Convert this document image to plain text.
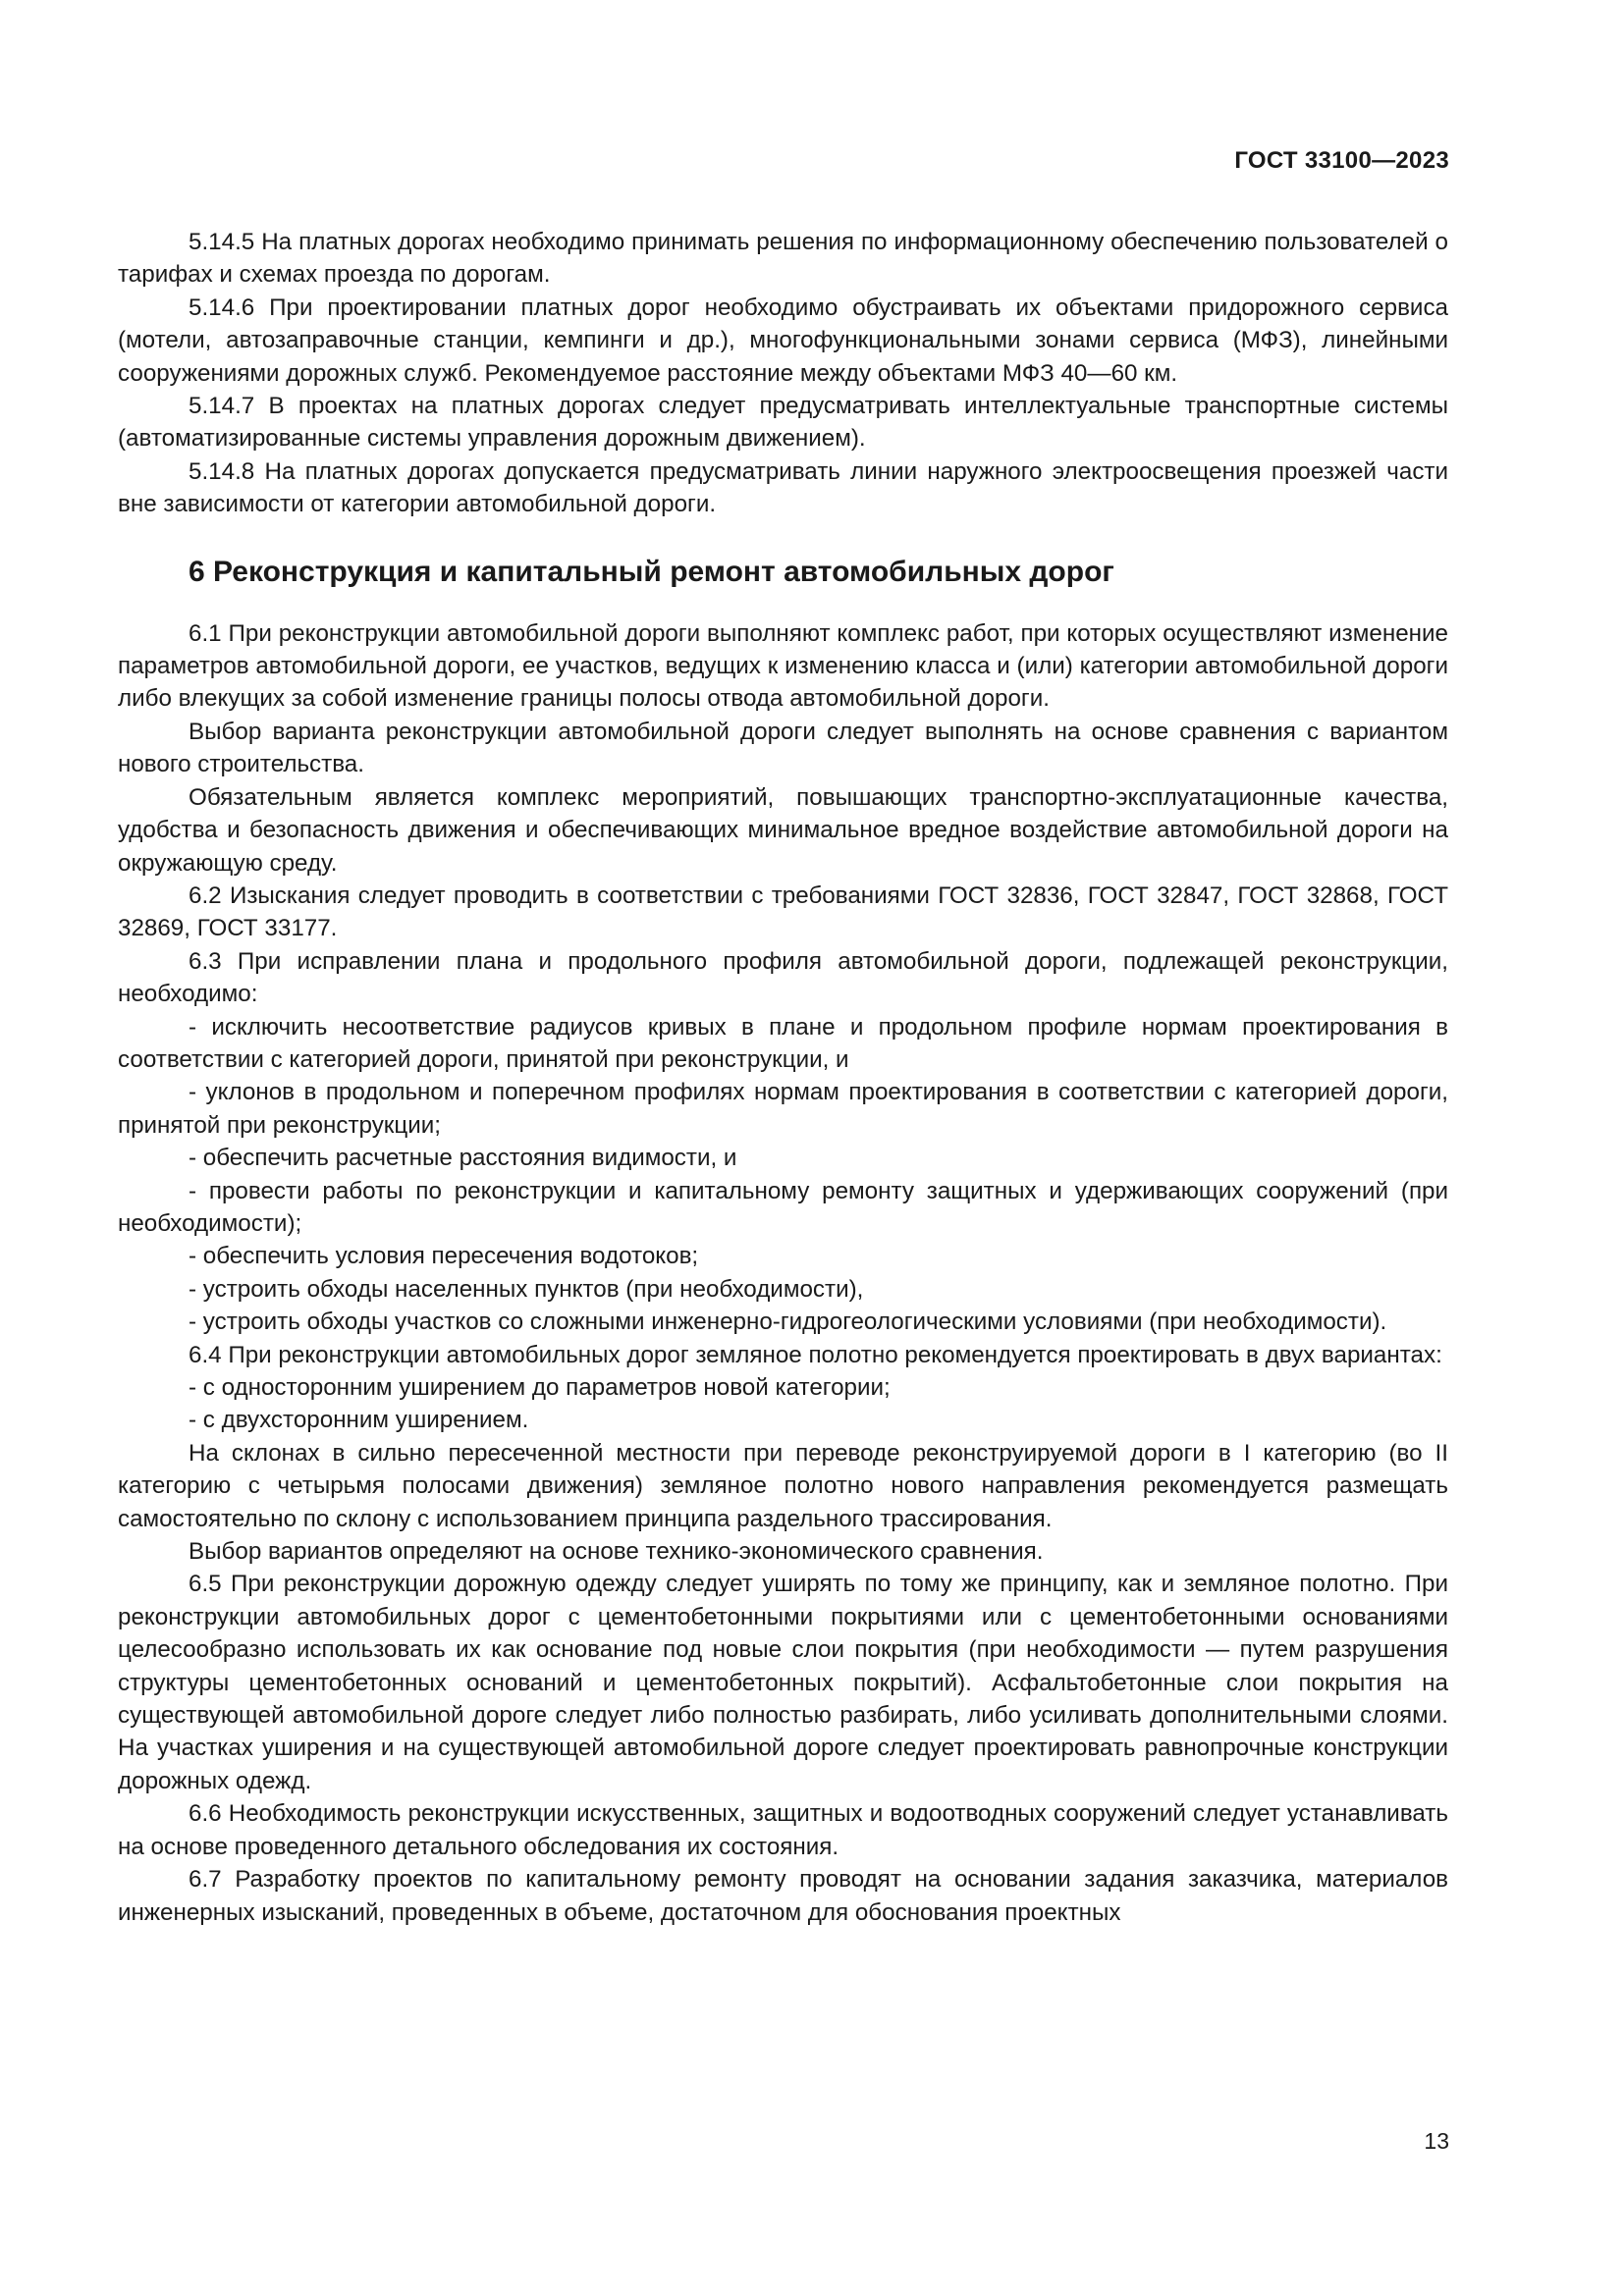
ГОСТ 33100—2023

5.14.5 На платных дорогах необходимо принимать решения по информационному обеспечению пользователей о тарифах и схемах проезда по дорогам.

5.14.6 При проектировании платных дорог необходимо обустраивать их объектами придорожного сервиса (мотели, автозаправочные станции, кемпинги и др.), многофункциональными зонами сервиса (МФЗ), линейными сооружениями дорожных служб. Рекомендуемое расстояние между объектами МФЗ 40—60 км.

5.14.7 В проектах на платных дорогах следует предусматривать интеллектуальные транспортные системы (автоматизированные системы управления дорожным движением).

5.14.8 На платных дорогах допускается предусматривать линии наружного электроосвещения проезжей части вне зависимости от категории автомобильной дороги.

6 Реконструкция и капитальный ремонт автомобильных дорог

6.1 При реконструкции автомобильной дороги выполняют комплекс работ, при которых осуществляют изменение параметров автомобильной дороги, ее участков, ведущих к изменению класса и (или) категории автомобильной дороги либо влекущих за собой изменение границы полосы отвода автомобильной дороги.

Выбор варианта реконструкции автомобильной дороги следует выполнять на основе сравнения с вариантом нового строительства.

Обязательным является комплекс мероприятий, повышающих транспортно-эксплуатационные качества, удобства и безопасность движения и обеспечивающих минимальное вредное воздействие автомобильной дороги на окружающую среду.

6.2 Изыскания следует проводить в соответствии с требованиями ГОСТ 32836, ГОСТ 32847, ГОСТ 32868, ГОСТ 32869, ГОСТ 33177.

6.3 При исправлении плана и продольного профиля автомобильной дороги, подлежащей реконструкции, необходимо:

- исключить несоответствие радиусов кривых в плане и продольном профиле нормам проектирования в соответствии с категорией дороги, принятой при реконструкции, и

- уклонов в продольном и поперечном профилях нормам проектирования в соответствии с категорией дороги, принятой при реконструкции;

- обеспечить расчетные расстояния видимости, и

- провести работы по реконструкции и капитальному ремонту защитных и удерживающих сооружений (при необходимости);

- обеспечить условия пересечения водотоков;

- устроить обходы населенных пунктов (при необходимости),

- устроить обходы участков со сложными инженерно-гидрогеологическими условиями (при необходимости).

6.4 При реконструкции автомобильных дорог земляное полотно рекомендуется проектировать в двух вариантах:

- с односторонним уширением до параметров новой категории;

- с двухсторонним уширением.

На склонах в сильно пересеченной местности при переводе реконструируемой дороги в I категорию (во II категорию с четырьмя полосами движения) земляное полотно нового направления рекомендуется размещать самостоятельно по склону с использованием принципа раздельного трассирования.

Выбор вариантов определяют на основе технико-экономического сравнения.

6.5 При реконструкции дорожную одежду следует уширять по тому же принципу, как и земляное полотно. При реконструкции автомобильных дорог с цементобетонными покрытиями или с цементобетонными основаниями целесообразно использовать их как основание под новые слои покрытия (при необходимости — путем разрушения структуры цементобетонных оснований и цементобетонных покрытий). Асфальтобетонные слои покрытия на существующей автомобильной дороге следует либо полностью разбирать, либо усиливать дополнительными слоями. На участках уширения и на существующей автомобильной дороге следует проектировать равнопрочные конструкции дорожных одежд.

6.6 Необходимость реконструкции искусственных, защитных и водоотводных сооружений следует устанавливать на основе проведенного детального обследования их состояния.

6.7 Разработку проектов по капитальному ремонту проводят на основании задания заказчика, материалов инженерных изысканий, проведенных в объеме, достаточном для обоснования проектных

13
